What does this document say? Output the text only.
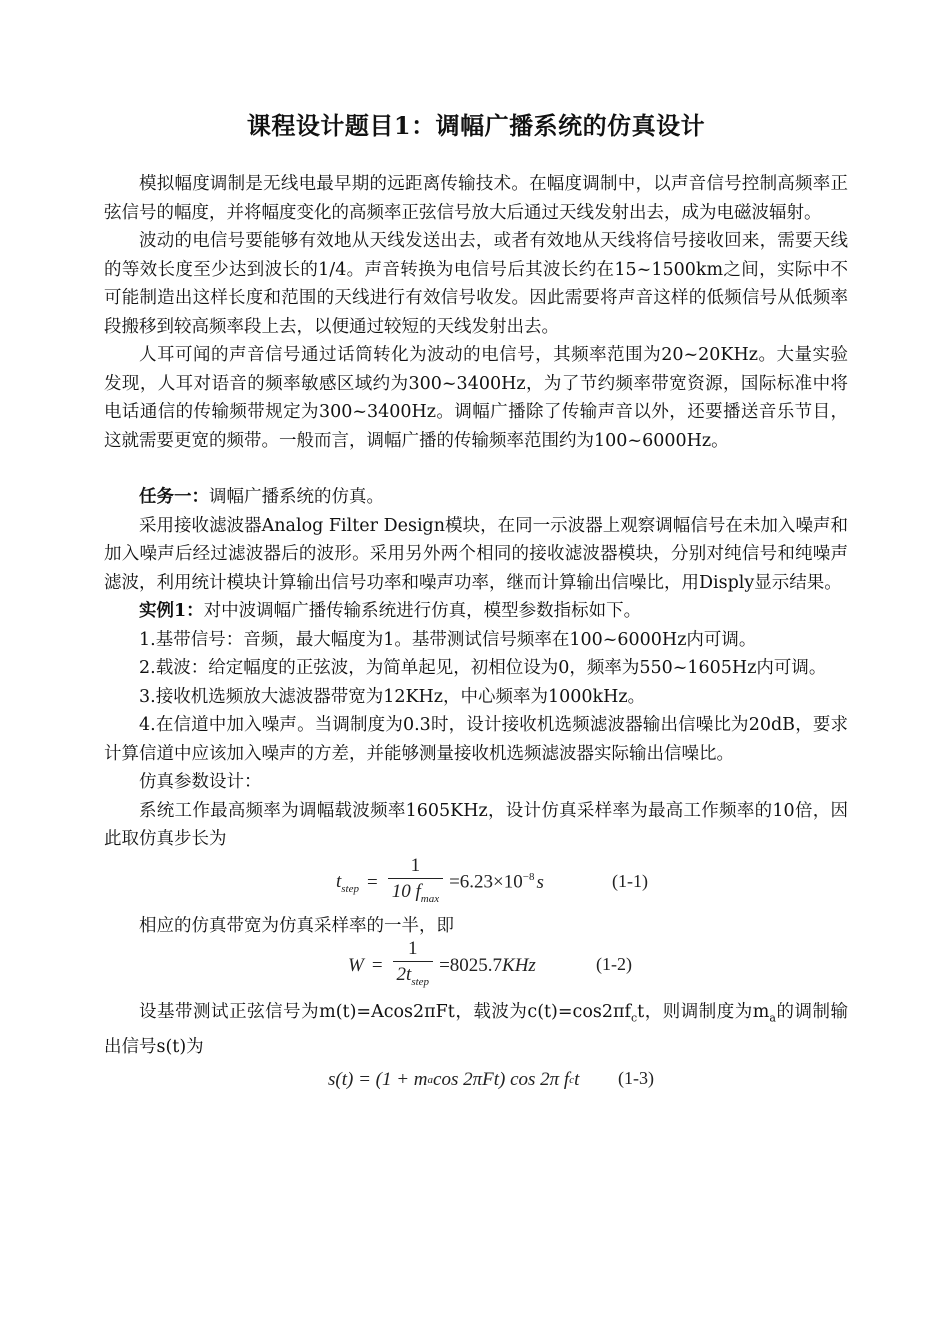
课程设计题目1：调幅广播系统的仿真设计

模拟幅度调制是无线电最早期的远距离传输技术。在幅度调制中，以声音信号控制高频率正弦信号的幅度，并将幅度变化的高频率正弦信号放大后通过天线发射出去，成为电磁波辐射。

波动的电信号要能够有效地从天线发送出去，或者有效地从天线将信号接收回来，需要天线的等效长度至少达到波长的1/4。声音转换为电信号后其波长约在15~1500km之间，实际中不可能制造出这样长度和范围的天线进行有效信号收发。因此需要将声音这样的低频信号从低频率段搬移到较高频率段上去，以便通过较短的天线发射出去。

人耳可闻的声音信号通过话筒转化为波动的电信号，其频率范围为20~20KHz。大量实验发现，人耳对语音的频率敏感区域约为300~3400Hz，为了节约频率带宽资源，国际标准中将电话通信的传输频带规定为300~3400Hz。调幅广播除了传输声音以外，还要播送音乐节目，这就需要更宽的频带。一般而言，调幅广播的传输频率范围约为100~6000Hz。

任务一：调幅广播系统的仿真。

采用接收滤波器Analog Filter Design模块，在同一示波器上观察调幅信号在未加入噪声和加入噪声后经过滤波器后的波形。采用另外两个相同的接收滤波器模块，分别对纯信号和纯噪声滤波，利用统计模块计算输出信号功率和噪声功率，继而计算输出信噪比，用Disply显示结果。

实例1：对中波调幅广播传输系统进行仿真，模型参数指标如下。

1.基带信号：音频，最大幅度为1。基带测试信号频率在100~6000Hz内可调。

2.载波：给定幅度的正弦波，为简单起见，初相位设为0，频率为550~1605Hz内可调。

3.接收机选频放大滤波器带宽为12KHz，中心频率为1000kHz。

4.在信道中加入噪声。当调制度为0.3时，设计接收机选频滤波器输出信噪比为20dB，要求计算信道中应该加入噪声的方差，并能够测量接收机选频滤波器实际输出信噪比。

仿真参数设计：

系统工作最高频率为调幅载波频率1605KHz，设计仿真采样率为最高工作频率的10倍，因此取仿真步长为

$t_{step} = \frac{1}{10 f_{max}} =6.23\times 10^{-8}$ s	(1-1)

相应的仿真带宽为仿真采样率的一半，即

$W = \frac{1}{2t_{step}} =8025.7$ KHz	(1-2)

设基带测试正弦信号为m(t)=Acos2πFt，载波为$c(t)=\cos 2\pi f_ct$，则调制度为$m_a$的调制输出信号s(t)为

s(t) = (1 + m a cos 2πFt) cos 2π f c t (1-3)
